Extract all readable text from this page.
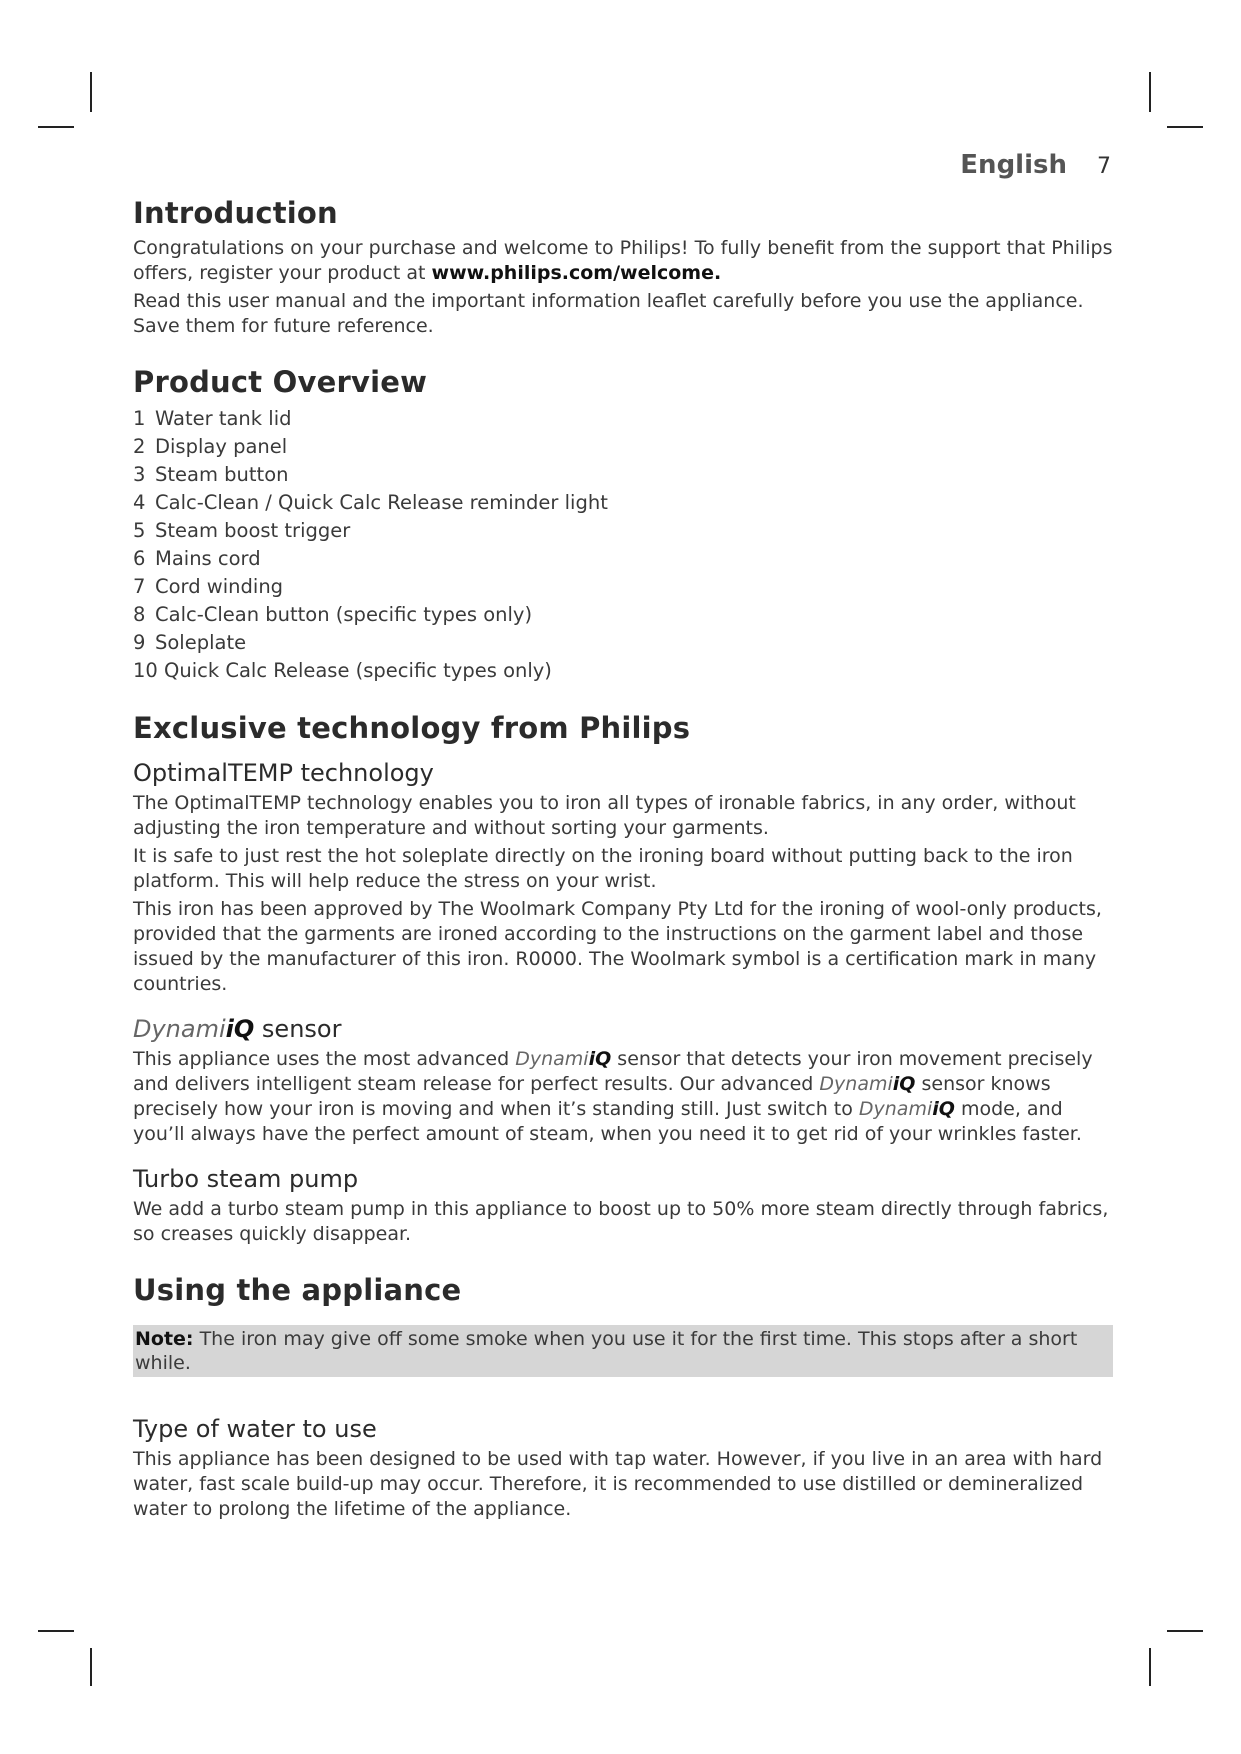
English 7
Introduction

Congratulations on your purchase and welcome to Philips! To fully benefit from the support that Philips offers, register your product at www.philips.com/welcome.

Read this user manual and the important information leaflet carefully before you use the appliance. Save them for future reference.

Product Overview
1 Water tank lid
2 Display panel
3 Steam button
4 Calc-Clean / Quick Calc Release reminder light
5 Steam boost trigger
6 Mains cord
7 Cord winding
8 Calc-Clean button (specific types only)
9 Soleplate
10 Quick Calc Release (specific types only)
Exclusive technology from Philips
OptimalTEMP technology

The OptimalTEMP technology enables you to iron all types of ironable fabrics, in any order, without adjusting the iron temperature and without sorting your garments.

It is safe to just rest the hot soleplate directly on the ironing board without putting back to the iron platform. This will help reduce the stress on your wrist.

This iron has been approved by The Woolmark Company Pty Ltd for the ironing of wool-only products, provided that the garments are ironed according to the instructions on the garment label and those issued by the manufacturer of this iron. R0000. The Woolmark symbol is a certification mark in many countries.

DynamiiQ sensor

This appliance uses the most advanced DynamiiQ sensor that detects your iron movement precisely and delivers intelligent steam release for perfect results. Our advanced DynamiiQ sensor knows precisely how your iron is moving and when it’s standing still. Just switch to DynamiiQ mode, and you’ll always have the perfect amount of steam, when you need it to get rid of your wrinkles faster.

Turbo steam pump

We add a turbo steam pump in this appliance to boost up to 50% more steam directly through fabrics, so creases quickly disappear.

Using the appliance
Note: The iron may give off some smoke when you use it for the first time. This stops after a short while.
Type of water to use

This appliance has been designed to be used with tap water. However, if you live in an area with hard water, fast scale build-up may occur. Therefore, it is recommended to use distilled or demineralized water to prolong the lifetime of the appliance.
